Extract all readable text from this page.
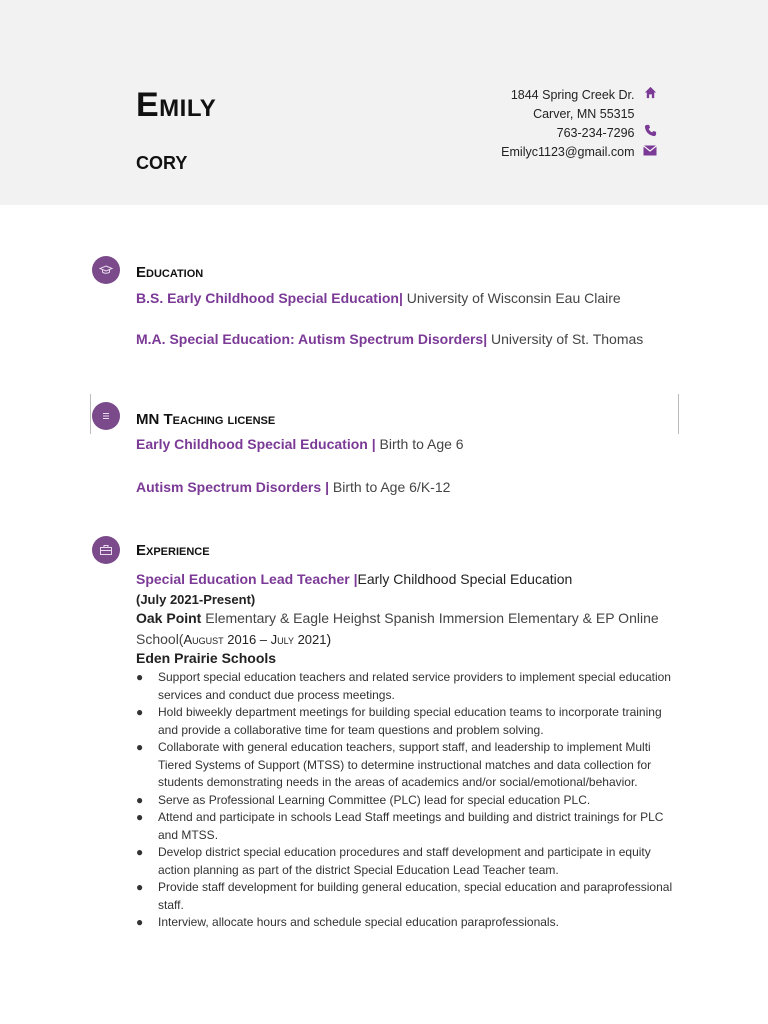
Emily
cory
1844 Spring Creek Dr.
Carver, MN 55315
763-234-7296
Emilyc1123@gmail.com
Education
B.S. Early Childhood Special Education| University of Wisconsin Eau Claire
M.A. Special Education: Autism Spectrum Disorders| University of St. Thomas
MN Teaching license
Early Childhood Special Education | Birth to Age 6
Autism Spectrum Disorders | Birth to Age 6/K-12
Experience
Special Education Lead Teacher |Early Childhood Special Education
(July 2021-Present)
Oak Point Elementary & Eagle Heighst Spanish Immersion Elementary & EP Online
School(August 2016 – July 2021)
Eden Prairie Schools
● Support special education teachers and related service providers to implement special education services and conduct due process meetings.
● Hold biweekly department meetings for building special education teams to incorporate training and provide a collaborative time for team questions and problem solving.
● Collaborate with general education teachers, support staff, and leadership to implement Multi Tiered Systems of Support (MTSS) to determine instructional matches and data collection for students demonstrating needs in the areas of academics and/or social/emotional/behavior.
● Serve as Professional Learning Committee (PLC) lead for special education PLC.
● Attend and participate in schools Lead Staff meetings and building and district trainings for PLC and MTSS.
● Develop district special education procedures and staff development and participate in equity action planning as part of the district Special Education Lead Teacher team.
● Provide staff development for building general education, special education and paraprofessional staff.
● Interview, allocate hours and schedule special education paraprofessionals.
